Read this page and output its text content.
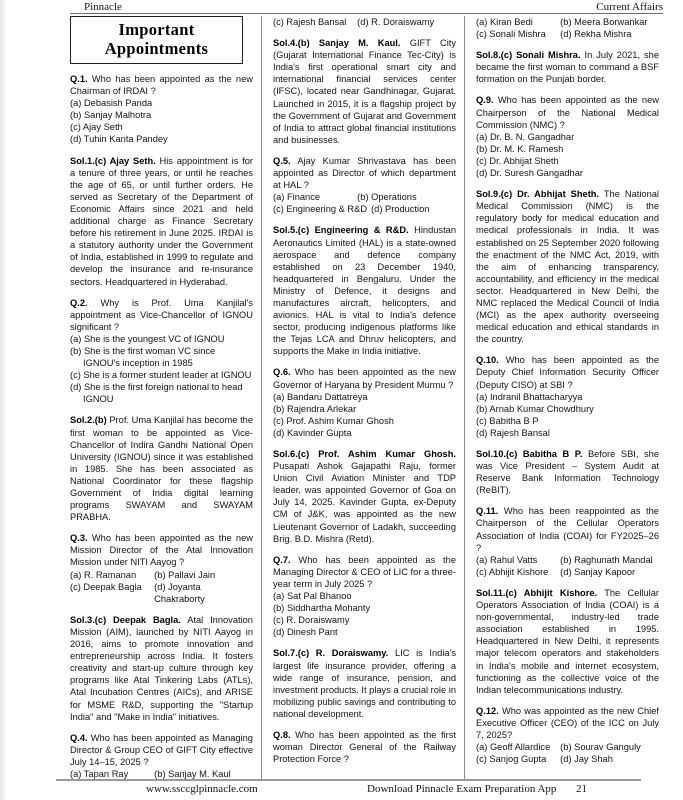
Pinnacle	Current Affairs
Important Appointments

Q.1. Who has been appointed as the new Chairman of IRDAI ?

(a) Debasish Panda
(b) Sanjay Malhotra
(c) Ajay Seth
(d) Tuhin Kanta Pandey

Sol.1.(c) Ajay Seth. His appointment is for a tenure of three years, or until he reaches the age of 65, or until further orders. He served as Secretary of the Department of Economic Affairs since 2021 and held additional charge as Finance Secretary before his retirement in June 2025. IRDAI is a statutory authority under the Government of India, established in 1999 to regulate and develop the insurance and re-insurance sectors. Headquartered in Hyderabad.

Q.2. Why is Prof. Uma Kanjilal's appointment as Vice-Chancellor of IGNOU significant ?

(a) She is the youngest VC of IGNOU
(b) She is the first woman VC since IGNOU's inception in 1985
(c) She is a former student leader at IGNOU
(d) She is the first foreign national to head IGNOU

Sol.2.(b) Prof. Uma Kanjilal has become the first woman to be appointed as Vice-Chancellor of Indira Gandhi National Open University (IGNOU) since it was established in 1985. She has been associated as National Coordinator for these flagship Government of India digital learning programs SWAYAM and SWAYAM PRABHA.

Q.3. Who has been appointed as the new Mission Director of the Atal Innovation Mission under NITI Aayog ?

(a) R. Ramanan	(b) Pallavi Jain
(c) Deepak Bagla	(d) Joyanta Chakraborty

Sol.3.(c) Deepak Bagla. Atal Innovation Mission (AIM), launched by NITI Aayog in 2016, aims to promote innovation and entrepreneurship across India. It fosters creativity and start-up culture through key programs like Atal Tinkering Labs (ATLs), Atal Incubation Centres (AICs), and ARISE for MSME R&D, supporting the "Startup India" and "Make in India" initiatives.

Q.4. Who has been appointed as Managing Director & Group CEO of GIFT City effective July 14–15, 2025 ?

(a) Tapan Ray	(b) Sanjay M. Kaul
(c) Rajesh Bansal	(d) R. Doraiswamy

Sol.4.(b) Sanjay M. Kaul. GIFT City (Gujarat International Finance Tec-City) is India's first operational smart city and international financial services center (IFSC), located near Gandhinagar, Gujarat. Launched in 2015, it is a flagship project by the Government of Gujarat and Government of India to attract global financial institutions and businesses.

Q.5. Ajay Kumar Shrivastava has been appointed as Director of which department at HAL ?

(a) Finance	(b) Operations
(c) Engineering & R&D (d) Production

Sol.5.(c) Engineering & R&D. Hindustan Aeronautics Limited (HAL) is a state-owned aerospace and defence company established on 23 December 1940, headquartered in Bengaluru. Under the Ministry of Defence, it designs and manufactures aircraft, helicopters, and avionics. HAL is vital to India's defence sector, producing indigenous platforms like the Tejas LCA and Dhruv helicopters, and supports the Make in India initiative.

Q.6. Who has been appointed as the new Governor of Haryana by President Murmu ?

(a) Bandaru Dattatreya
(b) Rajendra Arlekar
(c) Prof. Ashim Kumar Ghosh
(d) Kavinder Gupta

Sol.6.(c) Prof. Ashim Kumar Ghosh. Pusapati Ashok Gajapathi Raju, former Union Civil Aviation Minister and TDP leader, was appointed Governor of Goa on July 14, 2025. Kavinder Gupta, ex-Deputy CM of J&K, was appointed as the new Lieutenant Governor of Ladakh, succeeding Brig. B.D. Mishra (Retd).

Q.7. Who has been appointed as the Managing Director & CEO of LIC for a three-year term in July 2025 ?

(a) Sat Pal Bhanoo
(b) Siddhartha Mohanty
(c) R. Doraiswamy
(d) Dinesh Pant

Sol.7.(c) R. Doraiswamy. LIC is India's largest life insurance provider, offering a wide range of insurance, pension, and investment products. It plays a crucial role in mobilizing public savings and contributing to national development.

Q.8. Who has been appointed as the first woman Director General of the Railway Protection Force ?

(a) Kiran Bedi	(b) Meera Borwankar
(c) Sonali Mishra	(d) Rekha Mishra

Sol.8.(c) Sonali Mishra. In July 2021, she became the first woman to command a BSF formation on the Punjab border.

Q.9. Who has been appointed as the new Chairperson of the National Medical Commission (NMC) ?

(a) Dr. B. N. Gangadhar
(b) Dr. M. K. Ramesh
(c) Dr. Abhijat Sheth
(d) Dr. Suresh Gangadhar

Sol.9.(c) Dr. Abhijat Sheth. The National Medical Commission (NMC) is the regulatory body for medical education and medical professionals in India. It was established on 25 September 2020 following the enactment of the NMC Act, 2019, with the aim of enhancing transparency, accountability, and efficiency in the medical sector. Headquartered in New Delhi, the NMC replaced the Medical Council of India (MCI) as the apex authority overseeing medical education and ethical standards in the country.

Q.10. Who has been appointed as the Deputy Chief Information Security Officer (Deputy CISO) at SBI ?

(a) Indranil Bhattacharyya
(b) Arnab Kumar Chowdhury
(c) Babitha B P
(d) Rajesh Bansal

Sol.10.(c) Babitha B P. Before SBI, she was Vice President – System Audit at Reserve Bank Information Technology (ReBIT).

Q.11. Who has been reappointed as the Chairperson of the Cellular Operators Association of India (COAI) for FY2025–26 ?

(a) Rahul Vatts	(b) Raghunath Mandal
(c) Abhijit Kishore	(d) Sanjay Kapoor

Sol.11.(c) Abhijit Kishore. The Cellular Operators Association of India (COAI) is a non-governmental, industry-led trade association established in 1995. Headquartered in New Delhi, it represents major telecom operators and stakeholders in India's mobile and internet ecosystem, functioning as the collective voice of the Indian telecommunications industry.

Q.12. Who was appointed as the new Chief Executive Officer (CEO) of the ICC on July 7, 2025?

(a) Geoff Allardice	(b) Sourav Ganguly
(c) Sanjog Gupta	(d) Jay Shah
www.ssccglpinnacle.com	Download Pinnacle Exam Preparation App 21
